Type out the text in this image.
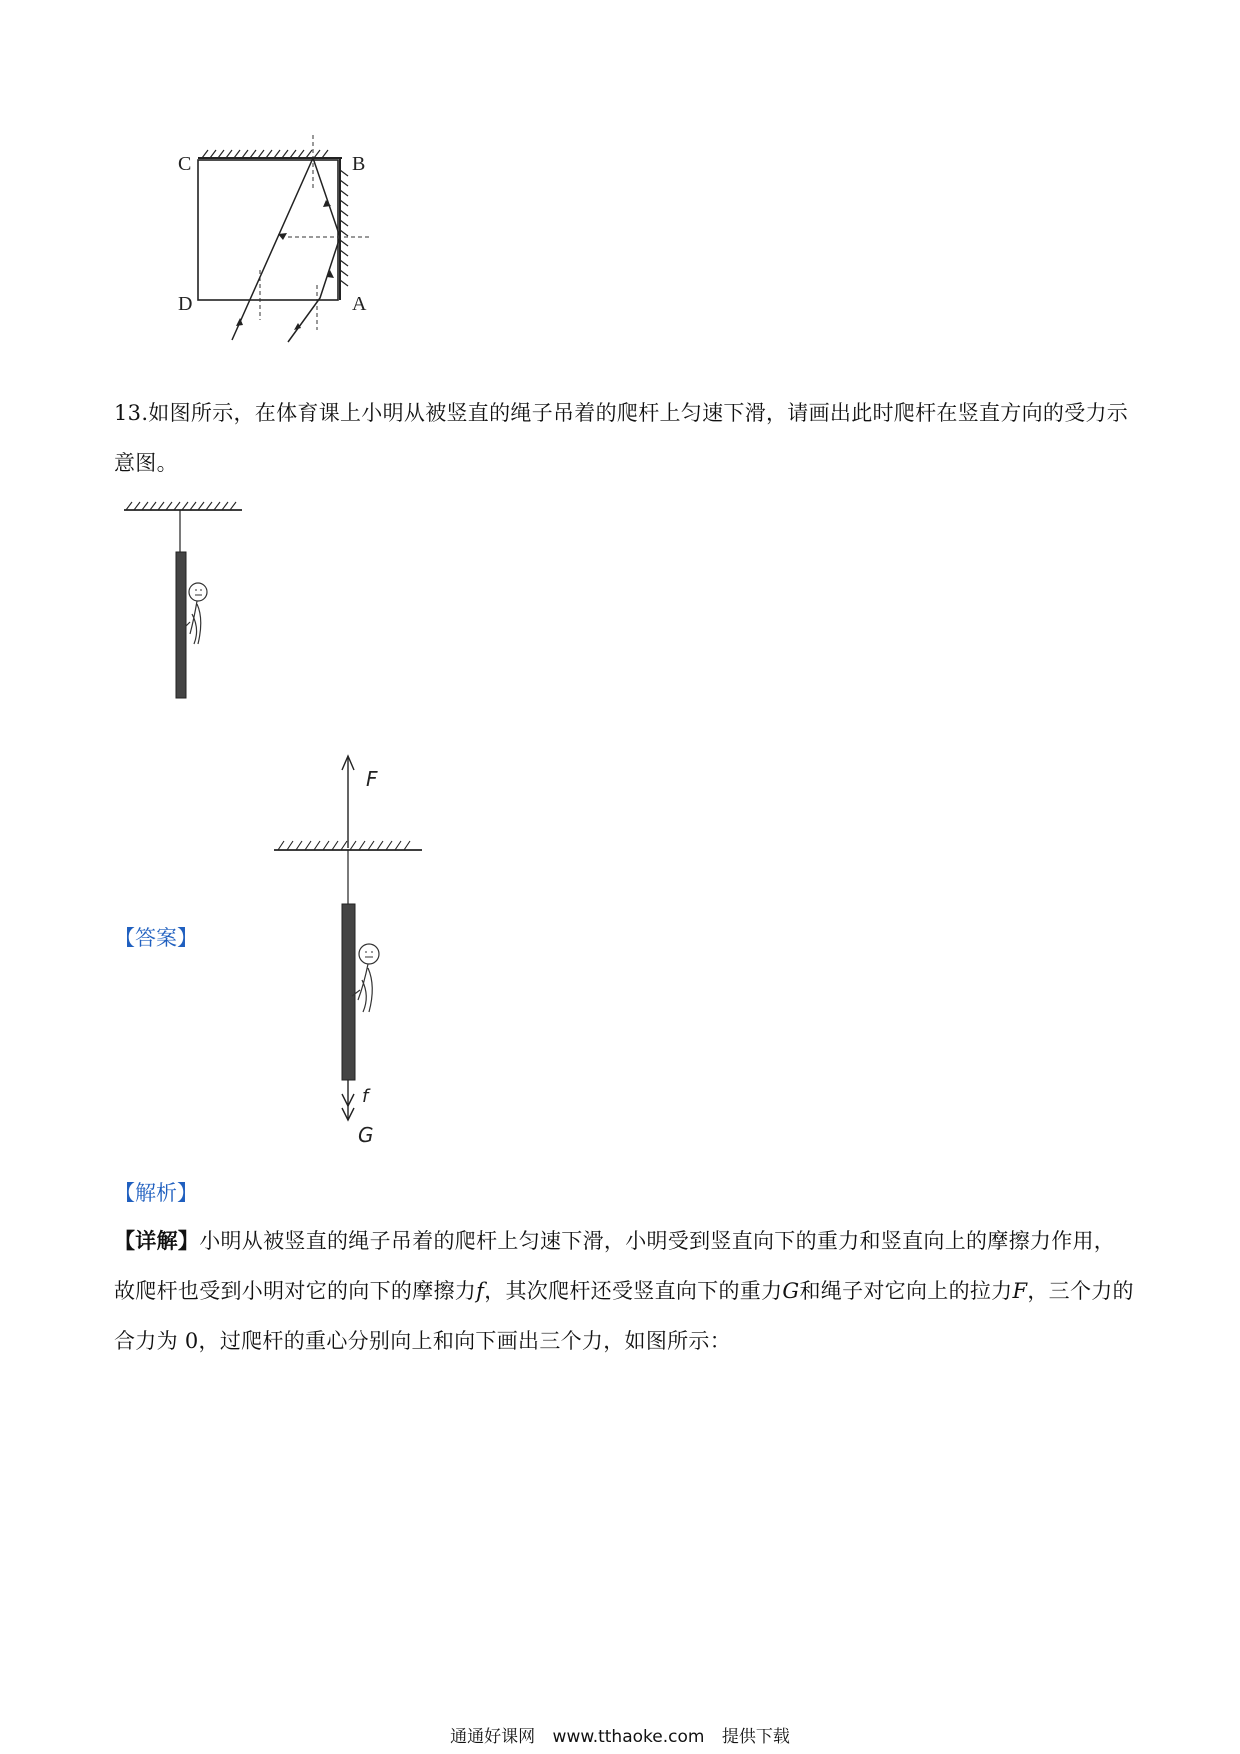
C	B
D	A
13.如图所示，在体育课上小明从被竖直的绳子吊着的爬杆上匀速下滑，请画出此时爬杆在竖直方向的受力示意图。
【答案】
F
f
G
【解析】
【详解】小明从被竖直的绳子吊着的爬杆上匀速下滑，小明受到竖直向下的重力和竖直向上的摩擦力作用，故爬杆也受到小明对它的向下的摩擦力f，其次爬杆还受竖直向下的重力G和绳子对它向上的拉力F，三个力的合力为 0，过爬杆的重心分别向上和向下画出三个力，如图所示：
通通好课网 www.tthaoke.com 提供下载
